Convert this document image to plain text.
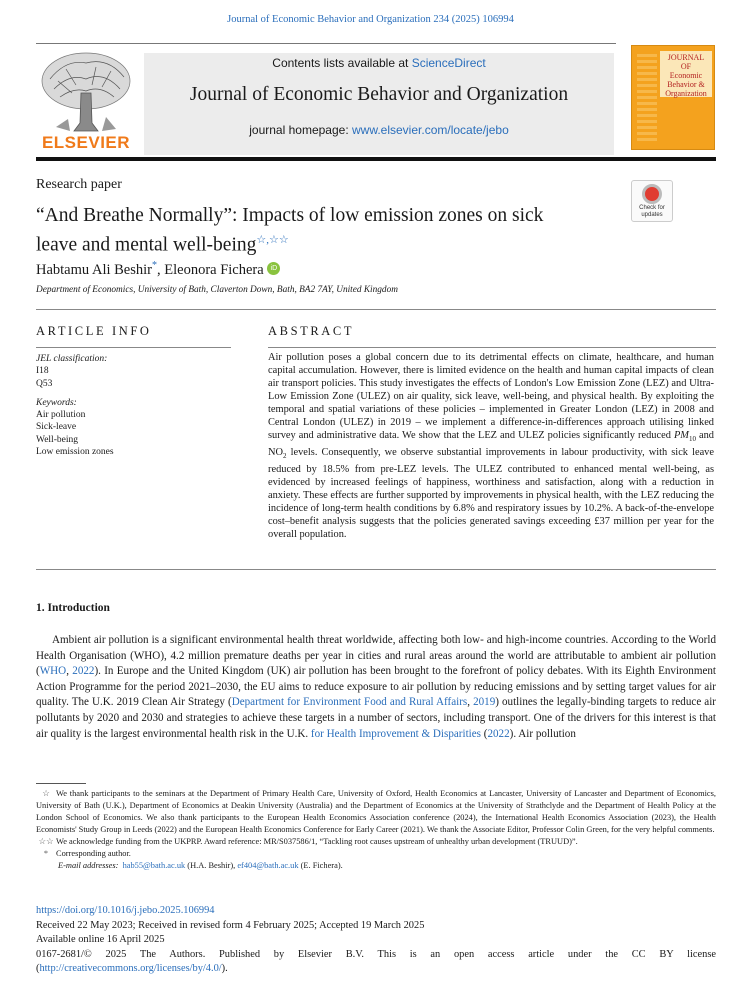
Journal of Economic Behavior and Organization 234 (2025) 106994
ELSEVIER
Contents lists available at ScienceDirect
Journal of Economic Behavior and Organization
journal homepage: www.elsevier.com/locate/jebo
JOURNAL OF
Economic
Behavior &
Organization
Research paper
Check for
updates
“And Breathe Normally”: Impacts of low emission zones on sick
leave and mental well-being☆,☆☆
Habtamu Ali Beshir*, Eleonora Fichera iD
Department of Economics, University of Bath, Claverton Down, Bath, BA2 7AY, United Kingdom
ARTICLE INFO	ABSTRACT
JEL classification:
I18
Q53
Keywords:
Air pollution
Sick-leave
Well-being
Low emission zones
Air pollution poses a global concern due to its detrimental effects on climate, healthcare, and human capital accumulation. However, there is limited evidence on the health and human capital impacts of clean air transport policies. This study investigates the effects of London's Low Emission Zone (LEZ) and Ultra-Low Emission Zone (ULEZ) on air quality, sick leave, well-being, and physical health. By exploiting the temporal and spatial variations of these policies – implemented in Greater London (LEZ) in 2008 and Central London (ULEZ) in 2019 – we implement a difference-in-differences approach utilising linked survey and administrative data. We show that the LEZ and ULEZ policies significantly reduced $PM_{10}$ and $NO_2$ levels. Consequently, we observe substantial improvements in labour productivity, with sick leave reduced by 18.5% from pre-LEZ levels. The ULEZ contributed to enhanced mental well-being, as evidenced by increased feelings of happiness, worthiness and satisfaction, along with a reduction in anxiety. These effects are further supported by improvements in physical health, with the LEZ reducing the incidence of long-term health conditions by 6.8% and respiratory issues by 10.2%. A back-of-the-envelope cost–benefit analysis suggests that the policies generated savings exceeding £37 million per year for the overall population.
1. Introduction
Ambient air pollution is a significant environmental health threat worldwide, affecting both low- and high-income countries. According to the World Health Organisation (WHO), 4.2 million premature deaths per year in cities and rural areas around the world are attributable to ambient air pollution (WHO, 2022). In Europe and the United Kingdom (UK) air pollution has been brought to the forefront of policy debates. With its Eighth Environment Action Programme for the period 2021–2030, the EU aims to reduce exposure to air pollution by reducing emissions and by setting target values for air quality. The U.K. 2019 Clean Air Strategy (Department for Environment Food and Rural Affairs, 2019) outlines the legally-binding targets to reduce air pollutants by 2020 and 2030 and strategies to achieve these targets in a number of sectors, including transport. One of the drivers for this interest is that air quality is the largest environmental health risk in the U.K. for Health Improvement & Disparities (2022). Air pollution
☆ We thank participants to the seminars at the Department of Primary Health Care, University of Oxford, Health Economics at Lancaster, University of Lancaster and Department of Economics, University of Bath (U.K.), Department of Economics at Deakin University (Australia) and the Department of Economics at the University of Strathclyde and the Department of Health Policy at the London School of Economics. We also thank participants to the European Health Economics Association conference (2024), the International Health Economics Association (2023), the Health Economists' Study Group in Leeds (2022) and the European Health Economics Conference for Early Career (2021). We thank the Associate Editor, Professor Colin Green, for the very helpful comments.
☆☆ We acknowledge funding from the UKPRP. Award reference: MR/S037586/1, “Tackling root causes upstream of unhealthy urban development (TRUUD)”.
* Corresponding author.
E-mail addresses: hab55@bath.ac.uk (H.A. Beshir), ef404@bath.ac.uk (E. Fichera).
https://doi.org/10.1016/j.jebo.2025.106994
Received 22 May 2023; Received in revised form 4 February 2025; Accepted 19 March 2025
Available online 16 April 2025
0167-2681/© 2025 The Authors. Published by Elsevier B.V. This is an open access article under the CC BY license
(http://creativecommons.org/licenses/by/4.0/).
